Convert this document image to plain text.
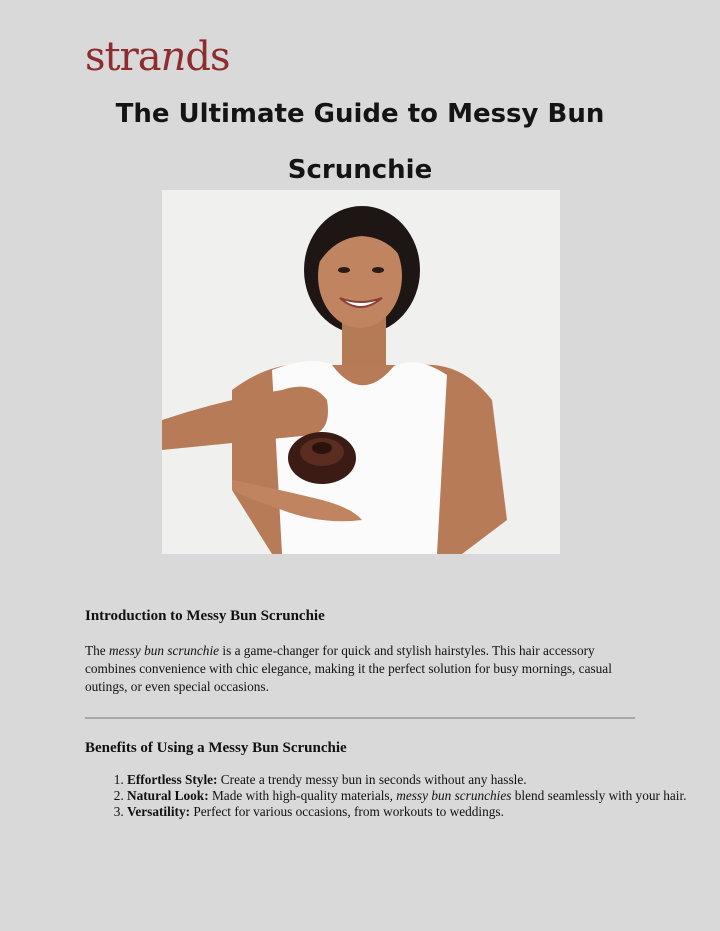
strands
The Ultimate Guide to Messy Bun
Scrunchie
Introduction to Messy Bun Scrunchie
The messy bun scrunchie is a game-changer for quick and stylish hairstyles. This hair accessory combines convenience with chic elegance, making it the perfect solution for busy mornings, casual outings, or even special occasions.
Benefits of Using a Messy Bun Scrunchie
1. Effortless Style: Create a trendy messy bun in seconds without any hassle.
2. Natural Look: Made with high-quality materials, messy bun scrunchies blend seamlessly with your hair.
3. Versatility: Perfect for various occasions, from workouts to weddings.
